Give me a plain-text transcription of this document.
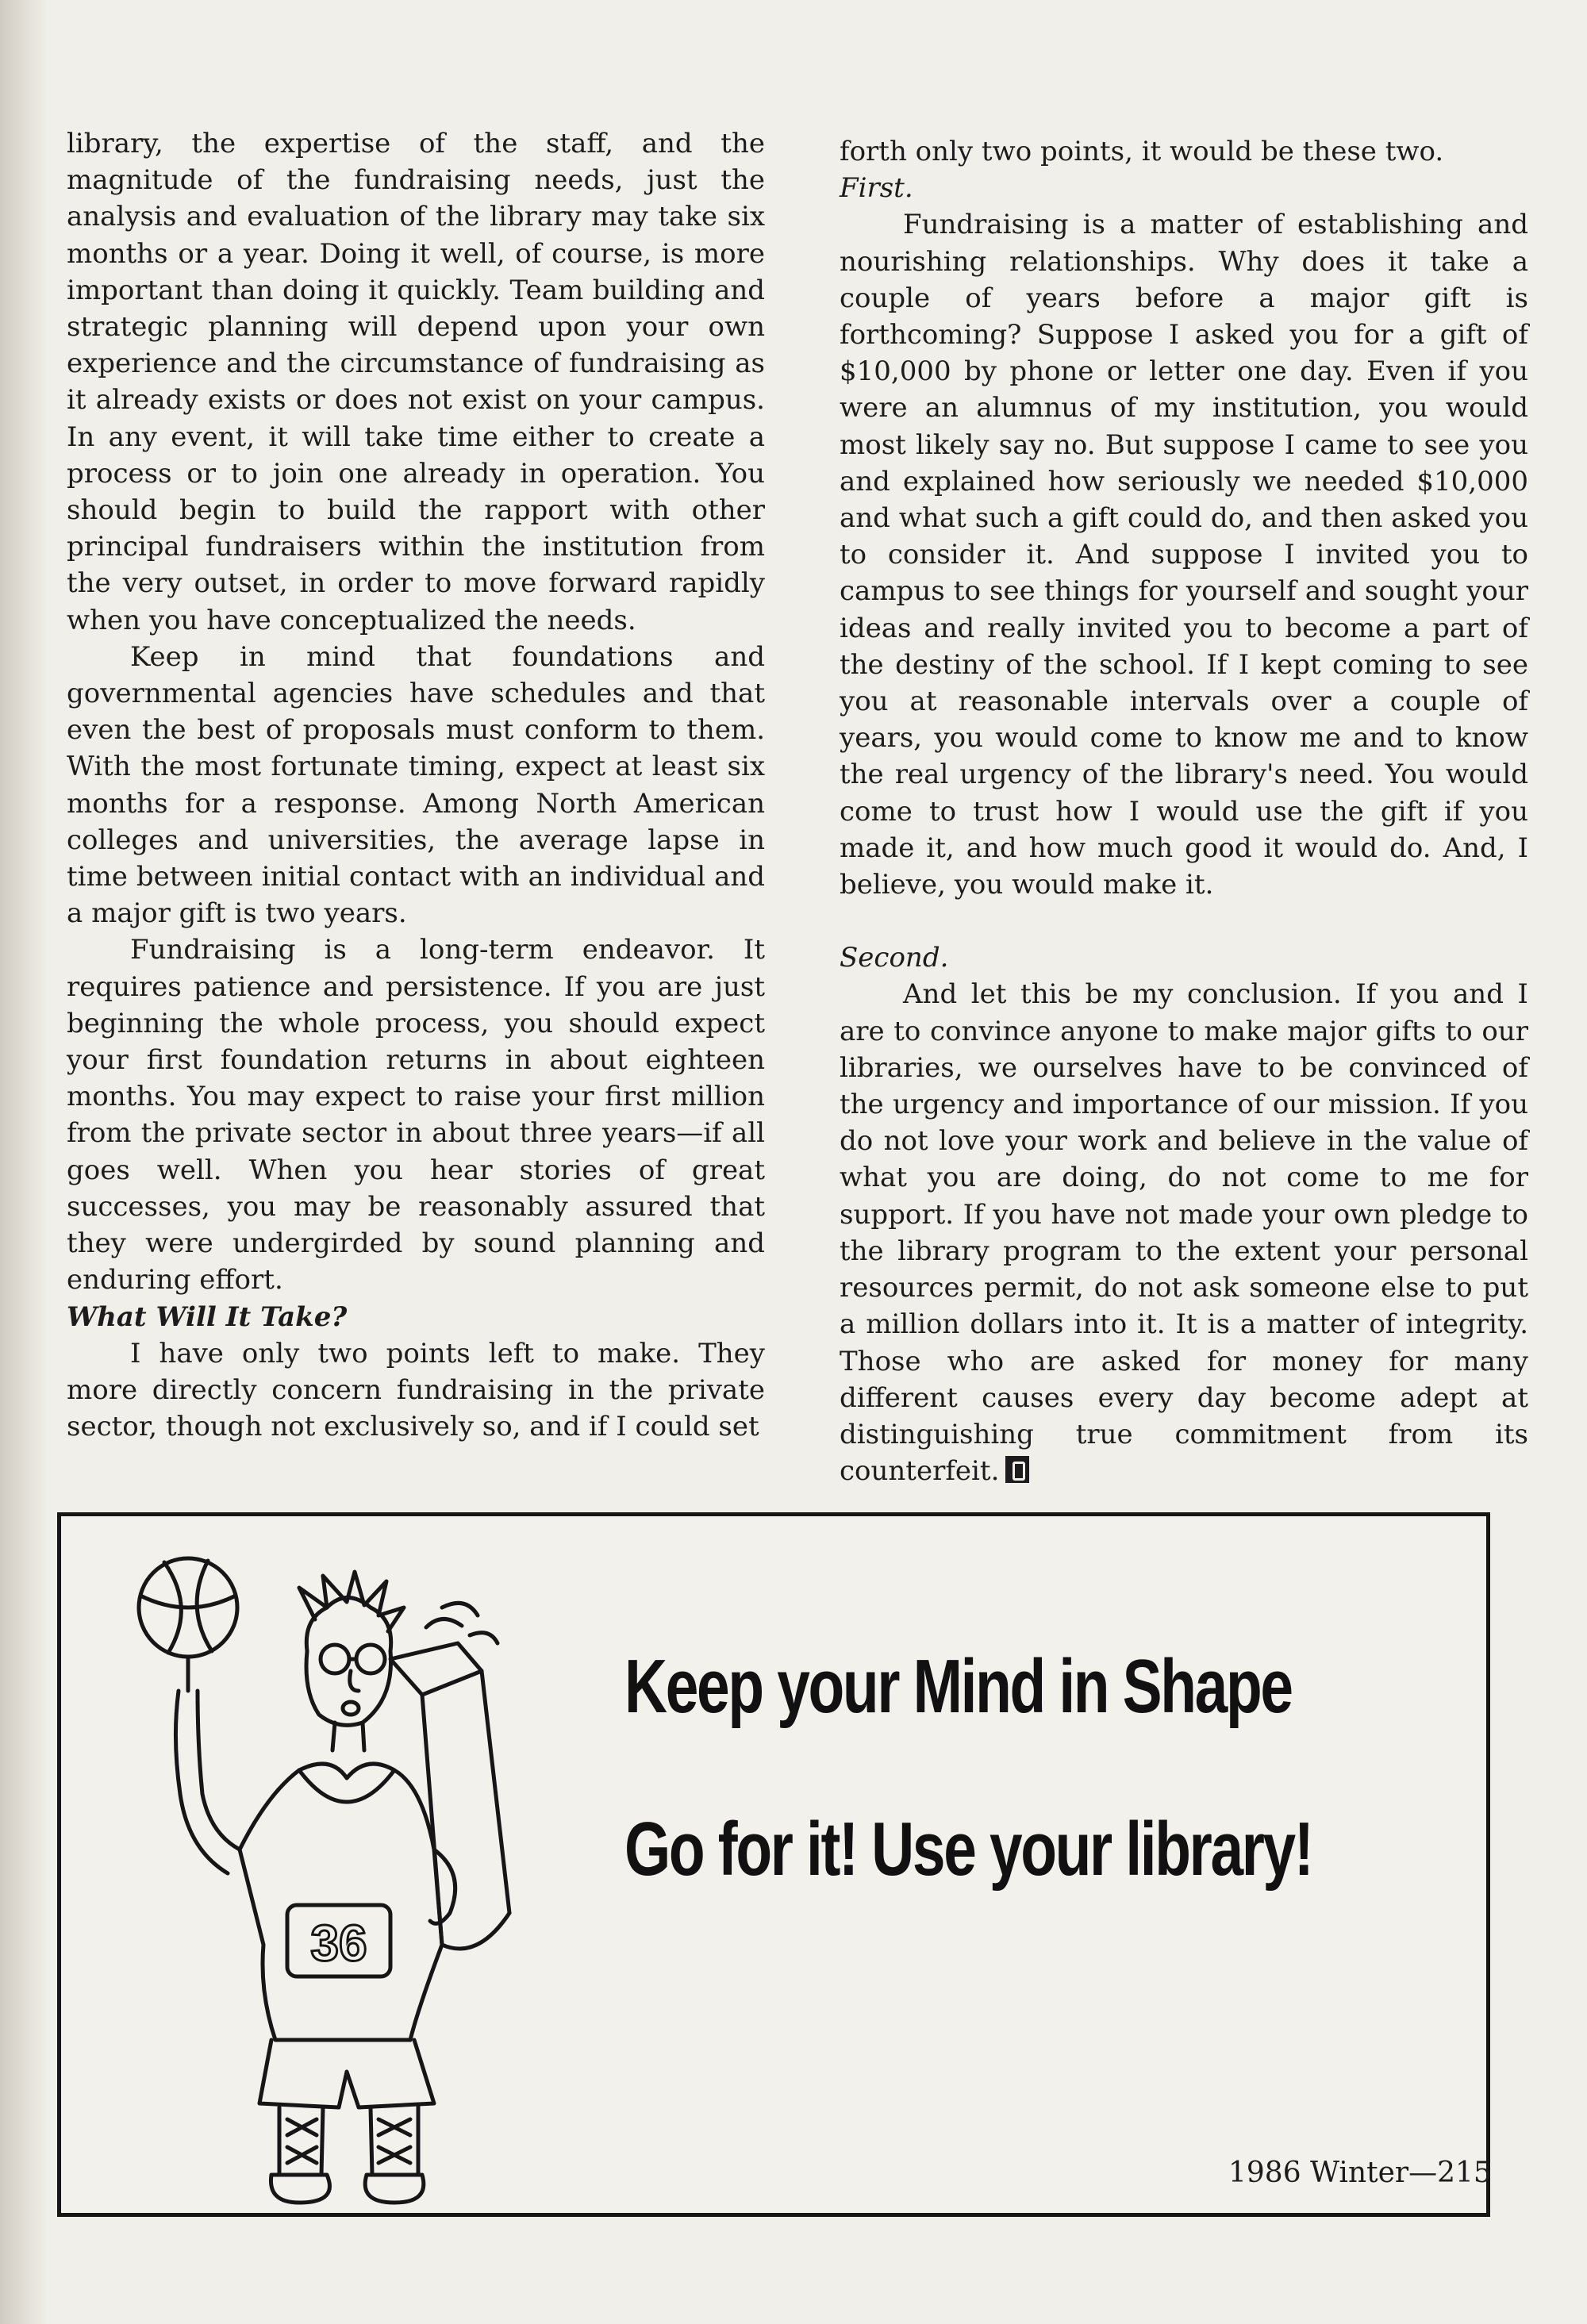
library, the expertise of the staff, and the magnitude of the fundraising needs, just the analysis and evaluation of the library may take six months or a year. Doing it well, of course, is more important than doing it quickly. Team building and strategic planning will depend upon your own experience and the circumstance of fundraising as it already exists or does not exist on your campus. In any event, it will take time either to create a process or to join one already in operation. You should begin to build the rapport with other principal fundraisers within the institution from the very outset, in order to move forward rapidly when you have conceptualized the needs.

Keep in mind that foundations and governmental agencies have schedules and that even the best of proposals must conform to them. With the most fortunate timing, expect at least six months for a response. Among North American colleges and universities, the average lapse in time between initial contact with an individual and a major gift is two years.

Fundraising is a long-term endeavor. It requires patience and persistence. If you are just beginning the whole process, you should expect your first foundation returns in about eighteen months. You may expect to raise your first million from the private sector in about three years—if all goes well. When you hear stories of great successes, you may be reasonably assured that they were undergirded by sound planning and enduring effort.

What Will It Take?

I have only two points left to make. They more directly concern fundraising in the private sector, though not exclusively so, and if I could set

forth only two points, it would be these two.

First.

Fundraising is a matter of establishing and nourishing relationships. Why does it take a couple of years before a major gift is forthcoming? Suppose I asked you for a gift of $10,000 by phone or letter one day. Even if you were an alumnus of my institution, you would most likely say no. But suppose I came to see you and explained how seriously we needed $10,000 and what such a gift could do, and then asked you to consider it. And suppose I invited you to campus to see things for yourself and sought your ideas and really invited you to become a part of the destiny of the school. If I kept coming to see you at reasonable intervals over a couple of years, you would come to know me and to know the real urgency of the library's need. You would come to trust how I would use the gift if you made it, and how much good it would do. And, I believe, you would make it.

Second.

And let this be my conclusion. If you and I are to convince anyone to make major gifts to our libraries, we ourselves have to be convinced of the urgency and importance of our mission. If you do not love your work and believe in the value of what you are doing, do not come to me for support. If you have not made your own pledge to the library program to the extent your personal resources permit, do not ask someone else to put a million dollars into it. It is a matter of integrity. Those who are asked for money for many different causes every day become adept at distinguishing true commitment from its counterfeit.

36
Keep your Mind in Shape
Go for it! Use your library!
1986 Winter—215
